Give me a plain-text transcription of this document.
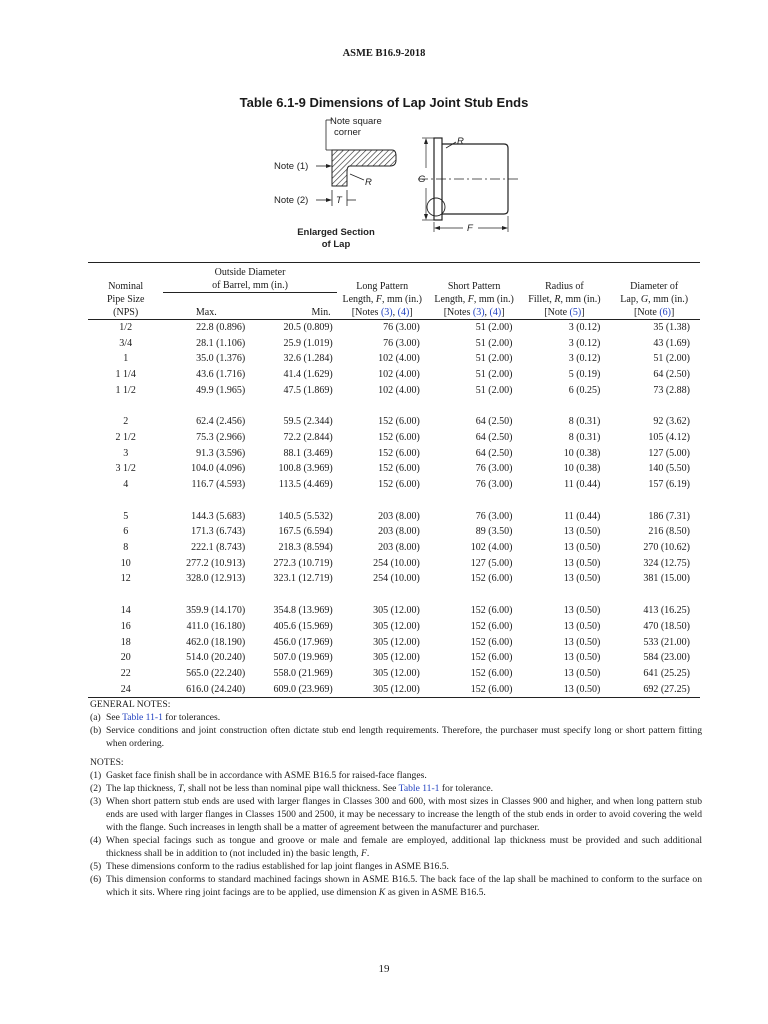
ASME B16.9-2018
Table 6.1-9 Dimensions of Lap Joint Stub Ends
Note square
corner
Note (1)
R
Note (2)	T
G
R
F
Enlarged Section
of Lap
Nominal	Outside Diameter
of Barrel, mm (in.)		Long Pattern	Short Pattern	Radius of	Diameter of
Pipe Size			Length, F, mm (in.)	Length, F, mm (in.)	Fillet, R, mm (in.)	Lap, G, mm (in.)
(NPS)	Max.	Min.	[Notes (3), (4)]	[Notes (3), (4)]	[Note (5)]	[Note (6)]
1/2	22.8 (0.896)	20.5 (0.809)	76 (3.00)	51 (2.00)	3 (0.12)	35 (1.38)
3/4	28.1 (1.106)	25.9 (1.019)	76 (3.00)	51 (2.00)	3 (0.12)	43 (1.69)
1	35.0 (1.376)	32.6 (1.284)	102 (4.00)	51 (2.00)	3 (0.12)	51 (2.00)
1 1/4	43.6 (1.716)	41.4 (1.629)	102 (4.00)	51 (2.00)	5 (0.19)	64 (2.50)
1 1/2	49.9 (1.965)	47.5 (1.869)	102 (4.00)	51 (2.00)	6 (0.25)	73 (2.88)

2	62.4 (2.456)	59.5 (2.344)	152 (6.00)	64 (2.50)	8 (0.31)	92 (3.62)
2 1/2	75.3 (2.966)	72.2 (2.844)	152 (6.00)	64 (2.50)	8 (0.31)	105 (4.12)
3	91.3 (3.596)	88.1 (3.469)	152 (6.00)	64 (2.50)	10 (0.38)	127 (5.00)
3 1/2	104.0 (4.096)	100.8 (3.969)	152 (6.00)	76 (3.00)	10 (0.38)	140 (5.50)
4	116.7 (4.593)	113.5 (4.469)	152 (6.00)	76 (3.00)	11 (0.44)	157 (6.19)

5	144.3 (5.683)	140.5 (5.532)	203 (8.00)	76 (3.00)	11 (0.44)	186 (7.31)
6	171.3 (6.743)	167.5 (6.594)	203 (8.00)	89 (3.50)	13 (0.50)	216 (8.50)
8	222.1 (8.743)	218.3 (8.594)	203 (8.00)	102 (4.00)	13 (0.50)	270 (10.62)
10	277.2 (10.913)	272.3 (10.719)	254 (10.00)	127 (5.00)	13 (0.50)	324 (12.75)
12	328.0 (12.913)	323.1 (12.719)	254 (10.00)	152 (6.00)	13 (0.50)	381 (15.00)

14	359.9 (14.170)	354.8 (13.969)	305 (12.00)	152 (6.00)	13 (0.50)	413 (16.25)
16	411.0 (16.180)	405.6 (15.969)	305 (12.00)	152 (6.00)	13 (0.50)	470 (18.50)
18	462.0 (18.190)	456.0 (17.969)	305 (12.00)	152 (6.00)	13 (0.50)	533 (21.00)
20	514.0 (20.240)	507.0 (19.969)	305 (12.00)	152 (6.00)	13 (0.50)	584 (23.00)
22	565.0 (22.240)	558.0 (21.969)	305 (12.00)	152 (6.00)	13 (0.50)	641 (25.25)
24	616.0 (24.240)	609.0 (23.969)	305 (12.00)	152 (6.00)	13 (0.50)	692 (27.25)
GENERAL NOTES:
(a) See Table 11-1 for tolerances.
(b) Service conditions and joint construction often dictate stub end length requirements. Therefore, the purchaser must specify long or short pattern fitting when ordering.
NOTES:
(1) Gasket face finish shall be in accordance with ASME B16.5 for raised-face flanges.
(2) The lap thickness, T, shall not be less than nominal pipe wall thickness. See Table 11-1 for tolerance.
(3) When short pattern stub ends are used with larger flanges in Classes 300 and 600, with most sizes in Classes 900 and higher, and when long pattern stub ends are used with larger flanges in Classes 1500 and 2500, it may be necessary to increase the length of the stub ends in order to avoid covering the weld with the flange. Such increases in length shall be a matter of agreement between the manufacturer and purchaser.
(4) When special facings such as tongue and groove or male and female are employed, additional lap thickness must be provided and such additional thickness shall be in addition to (not included in) the basic length, F.
(5) These dimensions conform to the radius established for lap joint flanges in ASME B16.5.
(6) This dimension conforms to standard machined facings shown in ASME B16.5. The back face of the lap shall be machined to conform to the surface on which it sits. Where ring joint facings are to be applied, use dimension K as given in ASME B16.5.
19
